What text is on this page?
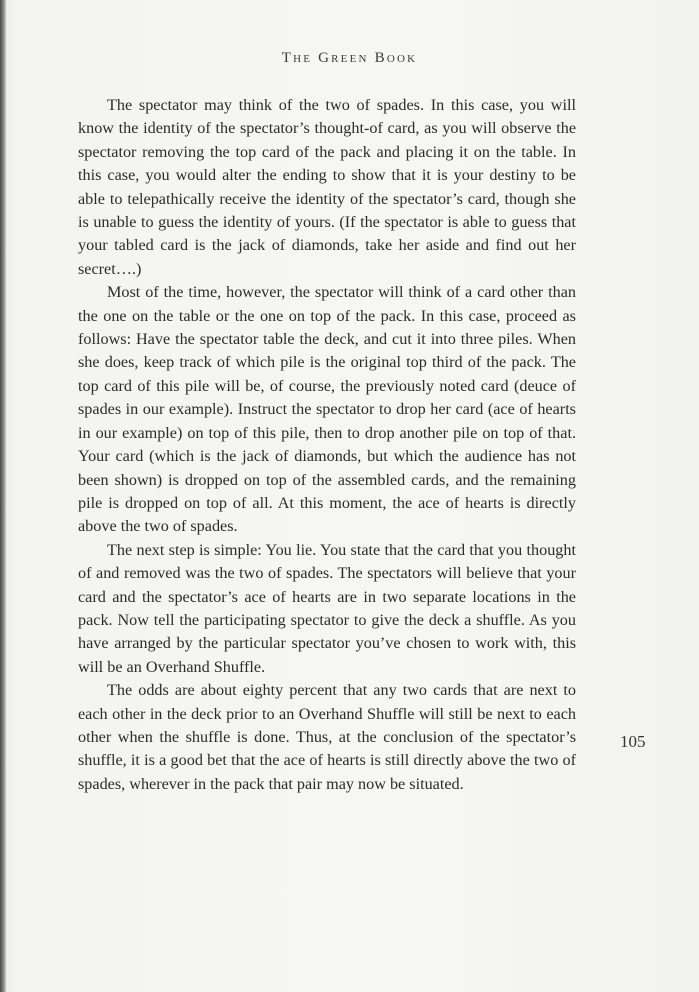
The Green Book

The spectator may think of the two of spades. In this case, you will know the identity of the spectator’s thought-of card, as you will observe the spectator removing the top card of the pack and placing it on the table. In this case, you would alter the ending to show that it is your destiny to be able to telepathically receive the identity of the spectator’s card, though she is unable to guess the identity of yours. (If the spectator is able to guess that your tabled card is the jack of diamonds, take her aside and find out her secret….)

Most of the time, however, the spectator will think of a card other than the one on the table or the one on top of the pack. In this case, proceed as follows: Have the spectator table the deck, and cut it into three piles. When she does, keep track of which pile is the original top third of the pack. The top card of this pile will be, of course, the previously noted card (deuce of spades in our example). Instruct the spectator to drop her card (ace of hearts in our example) on top of this pile, then to drop another pile on top of that. Your card (which is the jack of diamonds, but which the audience has not been shown) is dropped on top of the assembled cards, and the remaining pile is dropped on top of all. At this moment, the ace of hearts is directly above the two of spades.

The next step is simple: You lie. You state that the card that you thought of and removed was the two of spades. The spectators will believe that your card and the spectator’s ace of hearts are in two separate locations in the pack. Now tell the participating spectator to give the deck a shuffle. As you have arranged by the particular spectator you’ve chosen to work with, this will be an Overhand Shuffle.

The odds are about eighty percent that any two cards that are next to each other in the deck prior to an Overhand Shuffle will still be next to each other when the shuffle is done. Thus, at the conclusion of the spectator’s shuffle, it is a good bet that the ace of hearts is still directly above the two of spades, wherever in the pack that pair may now be situated.

105
